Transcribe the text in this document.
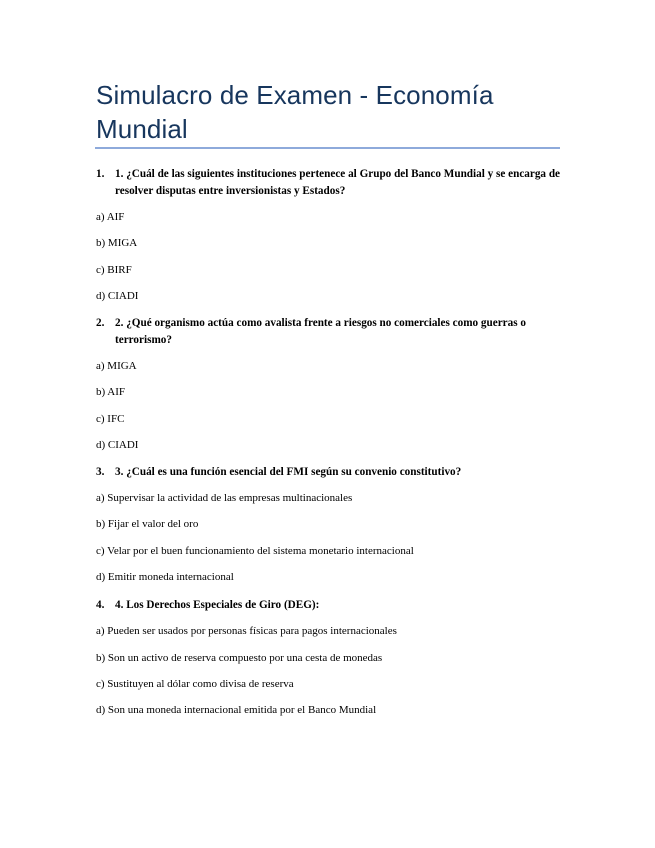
Simulacro de Examen - Economía Mundial
1. 1. ¿Cuál de las siguientes instituciones pertenece al Grupo del Banco Mundial y se encarga de resolver disputas entre inversionistas y Estados?

a) AIF

b) MIGA

c) BIRF

d) CIADI

2. 2. ¿Qué organismo actúa como avalista frente a riesgos no comerciales como guerras o terrorismo?

a) MIGA

b) AIF

c) IFC

d) CIADI

3. 3. ¿Cuál es una función esencial del FMI según su convenio constitutivo?

a) Supervisar la actividad de las empresas multinacionales

b) Fijar el valor del oro

c) Velar por el buen funcionamiento del sistema monetario internacional

d) Emitir moneda internacional

4. 4. Los Derechos Especiales de Giro (DEG):

a) Pueden ser usados por personas físicas para pagos internacionales

b) Son un activo de reserva compuesto por una cesta de monedas

c) Sustituyen al dólar como divisa de reserva

d) Son una moneda internacional emitida por el Banco Mundial
